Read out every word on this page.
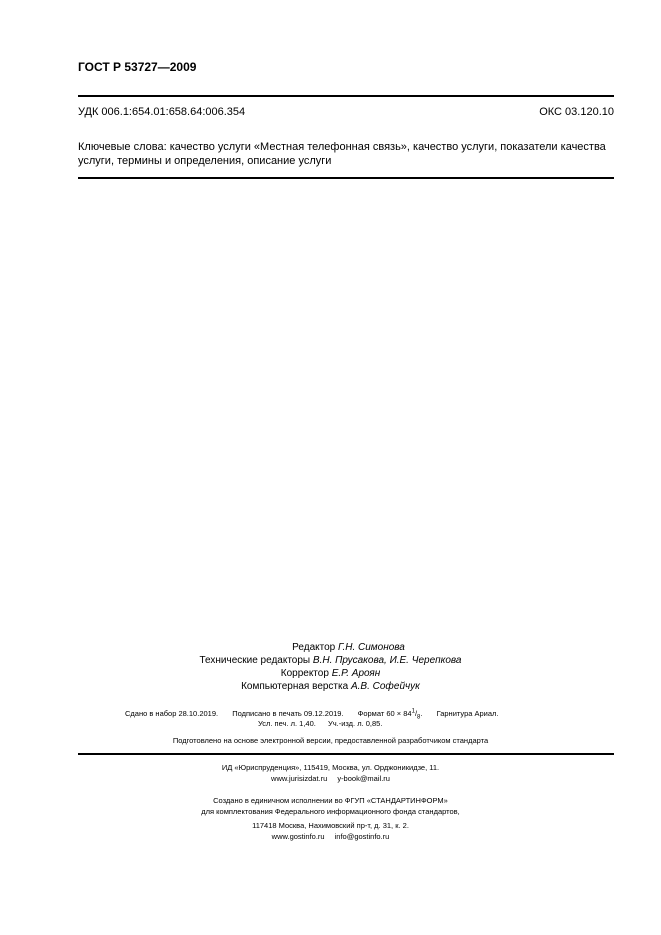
ГОСТ Р 53727—2009
УДК 006.1:654.01:658.64:006.354	ОКС 03.120.10
Ключевые слова: качество услуги «Местная телефонная связь», качество услуги, показатели качества услуги, термины и определения, описание услуги
Редактор Г.Н. Симонова
Технические редакторы В.Н. Прусакова, И.Е. Черепкова
Корректор Е.Р. Ароян
Компьютерная верстка А.В. Софейчук
Сдано в набор 28.10.2019. Подписано в печать 09.12.2019. Формат $60 \times 84^1/_8$. Гарнитура Ариал.
Усл. печ. л. 1,40. Уч.-изд. л. 0,85.
Подготовлено на основе электронной версии, предоставленной разработчиком стандарта
ИД «Юриспруденция», 115419, Москва, ул. Орджоникидзе, 11.
www.jurisizdat.ru y-book@mail.ru
Создано в единичном исполнении во ФГУП «СТАНДАРТИНФОРМ»
для комплектования Федерального информационного фонда стандартов,
117418 Москва, Нахимовский пр-т, д. 31, к. 2.
www.gostinfo.ru info@gostinfo.ru
